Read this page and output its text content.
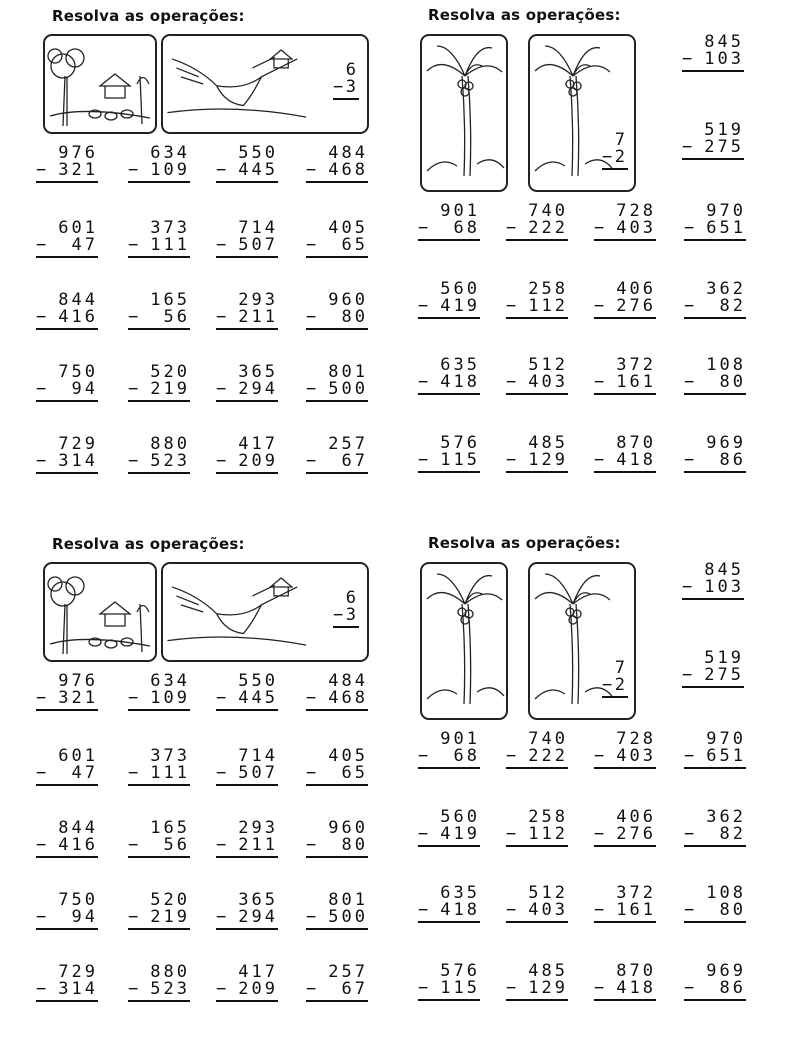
Resolva as operações:	Resolva as operações:
6
− 3
7
− 2
845
− 103
519
− 275
976
− 321
634
− 109
550
− 445
484
− 468
601
− 47
373
− 111
714
− 507
405
− 65
844
− 416
165
− 56
293
− 211
960
− 80
750
− 94
520
− 219
365
− 294
801
− 500
729
− 314
880
− 523
417
− 209
257
− 67
901
− 68
740
− 222
728
− 403
970
− 651
560
− 419
258
− 112
406
− 276
362
− 82
635
− 418
512
− 403
372
− 161
108
− 80
576
− 115
485
− 129
870
− 418
969
− 86
Resolva as operações:	Resolva as operações:
6
− 3
7
− 2
845
− 103
519
− 275
976
− 321
634
− 109
550
− 445
484
− 468
601
− 47
373
− 111
714
− 507
405
− 65
844
− 416
165
− 56
293
− 211
960
− 80
750
− 94
520
− 219
365
− 294
801
− 500
729
− 314
880
− 523
417
− 209
257
− 67
901
− 68
740
− 222
728
− 403
970
− 651
560
− 419
258
− 112
406
− 276
362
− 82
635
− 418
512
− 403
372
− 161
108
− 80
576
− 115
485
− 129
870
− 418
969
− 86
